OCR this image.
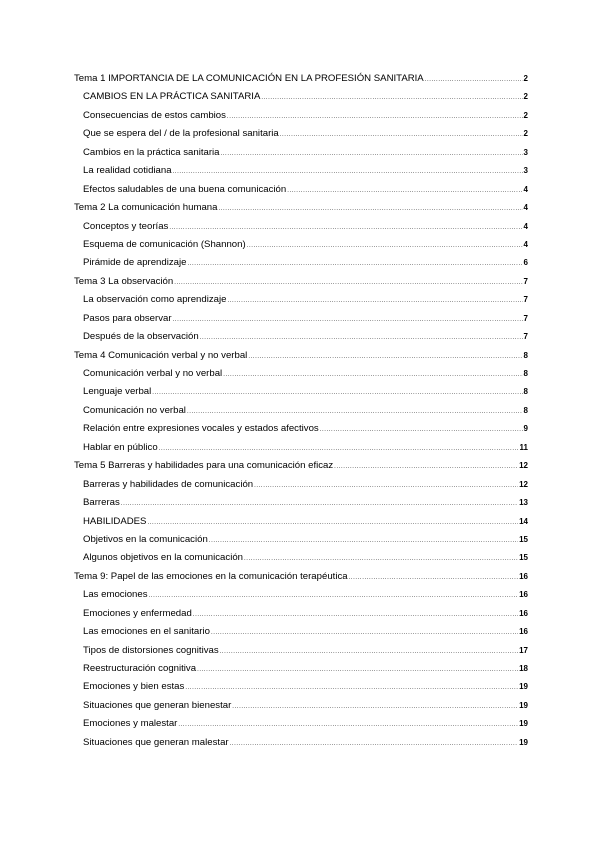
Tema 1 IMPORTANCIA DE LA COMUNICACIÓN EN LA PROFESIÓN SANITARIA .....	2
CAMBIOS EN LA PRÁCTICA SANITARIA .....	2
Consecuencias de estos cambios .....	2
Que se espera del / de la profesional sanitaria .....	2
Cambios en la práctica sanitaria .....	3
La realidad cotidiana .....	3
Efectos saludables de una buena comunicación .....	4
Tema 2 La comunicación humana .....	4
Conceptos y teorías .....	4
Esquema de comunicación (Shannon) .....	4
Pirámide de aprendizaje .....	6
Tema 3 La observación .....	7
La observación como aprendizaje .....	7
Pasos para observar .....	7
Después de la observación .....	7
Tema 4 Comunicación verbal y no verbal .....	8
Comunicación verbal y no verbal .....	8
Lenguaje verbal .....	8
Comunicación no verbal .....	8
Relación entre expresiones vocales y estados afectivos .....	9
Hablar en público .....	11
Tema 5 Barreras y habilidades para una comunicación eficaz .....	12
Barreras y habilidades de comunicación .....	12
Barreras .....	13
HABILIDADES .....	14
Objetivos en la comunicación .....	15
Algunos objetivos en la comunicación .....	15
Tema 9: Papel de las emociones en la comunicación terapéutica .....	16
Las emociones .....	16
Emociones y enfermedad .....	16
Las emociones en el sanitario .....	16
Tipos de distorsiones cognitivas .....	17
Reestructuración cognitiva .....	18
Emociones y bien estas .....	19
Situaciones que generan bienestar .....	19
Emociones y malestar .....	19
Situaciones que generan malestar .....	19
